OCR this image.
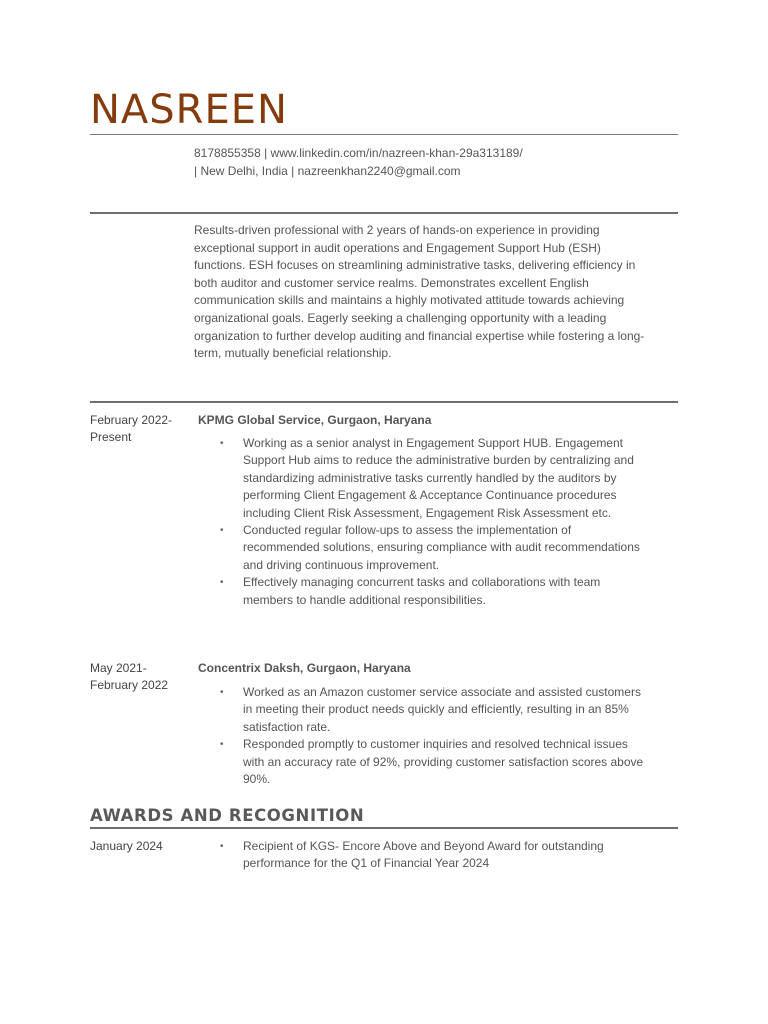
NASREEN
8178855358 | www.linkedin.com/in/nazreen-khan-29a313189/
| New Delhi, India | nazreenkhan2240@gmail.com
Results-driven professional with 2 years of hands-on experience in providing exceptional support in audit operations and Engagement Support Hub (ESH) functions. ESH focuses on streamlining administrative tasks, delivering efficiency in both auditor and customer service realms. Demonstrates excellent English communication skills and maintains a highly motivated attitude towards achieving organizational goals. Eagerly seeking a challenging opportunity with a leading organization to further develop auditing and financial expertise while fostering a long-term, mutually beneficial relationship.
February 2022-
Present
KPMG Global Service, Gurgaon, Haryana
• Working as a senior analyst in Engagement Support HUB. Engagement Support Hub aims to reduce the administrative burden by centralizing and standardizing administrative tasks currently handled by the auditors by performing Client Engagement & Acceptance Continuance procedures including Client Risk Assessment, Engagement Risk Assessment etc.
• Conducted regular follow-ups to assess the implementation of recommended solutions, ensuring compliance with audit recommendations and driving continuous improvement.
• Effectively managing concurrent tasks and collaborations with team members to handle additional responsibilities.
May 2021-
February 2022
Concentrix Daksh, Gurgaon, Haryana
• Worked as an Amazon customer service associate and assisted customers in meeting their product needs quickly and efficiently, resulting in an 85% satisfaction rate.
• Responded promptly to customer inquiries and resolved technical issues with an accuracy rate of 92%, providing customer satisfaction scores above 90%.
AWARDS AND RECOGNITION
January 2024	• Recipient of KGS- Encore Above and Beyond Award for outstanding performance for the Q1 of Financial Year 2024
